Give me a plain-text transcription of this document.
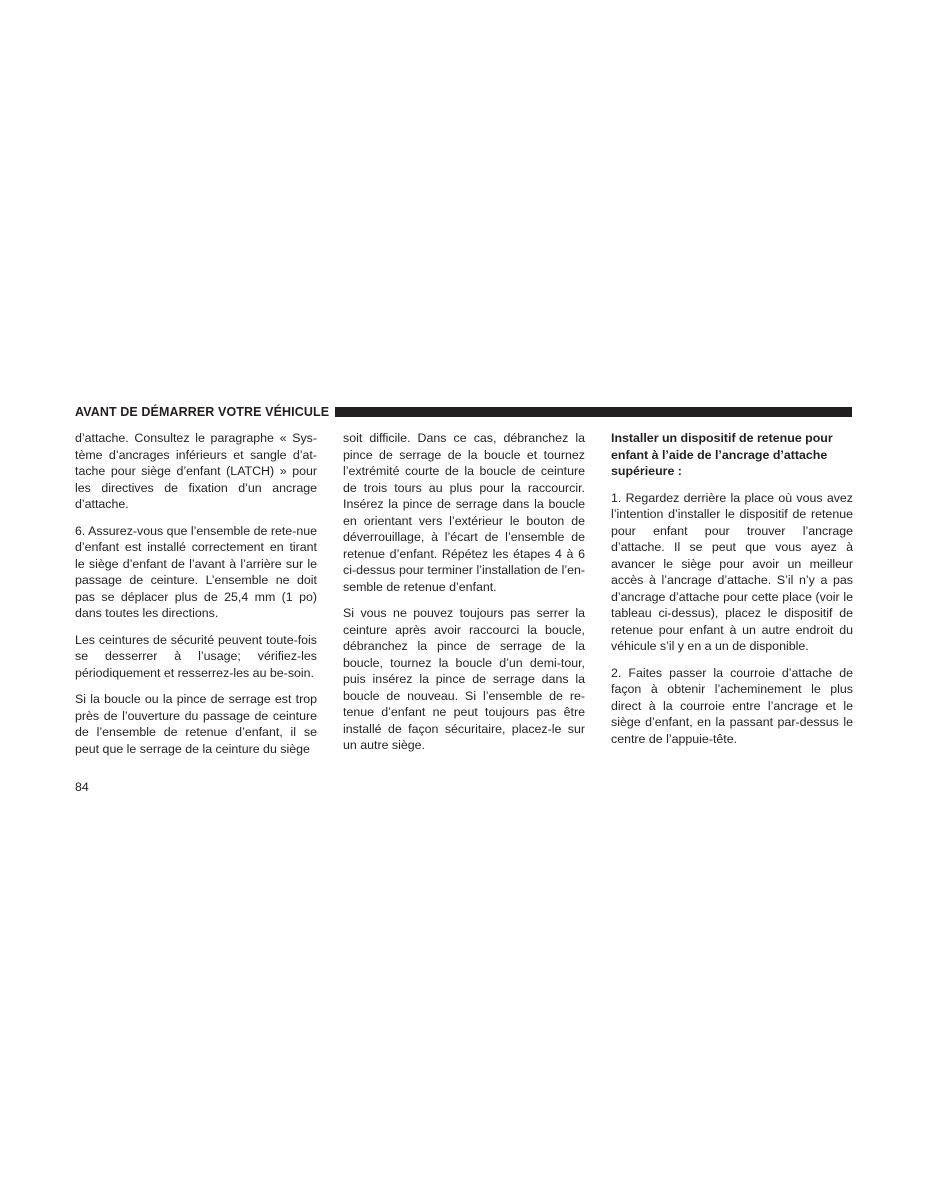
AVANT DE DÉMARRER VOTRE VÉHICULE

d’attache. Consultez le paragraphe « Sys-tème d’ancrages inférieurs et sangle d’at-tache pour siège d’enfant (LATCH) » pour les directives de fixation d’un ancrage d’attache.

6. Assurez-vous que l’ensemble de rete-nue d’enfant est installé correctement en tirant le siège d’enfant de l’avant à l’arrière sur le passage de ceinture. L’ensemble ne doit pas se déplacer plus de 25,4 mm (1 po) dans toutes les directions.

Les ceintures de sécurité peuvent toute-fois se desserrer à l’usage; vérifiez-les périodiquement et resserrez-les au be-soin.

Si la boucle ou la pince de serrage est trop près de l’ouverture du passage de ceinture de l’ensemble de retenue d’enfant, il se peut que le serrage de la ceinture du siège

soit difficile. Dans ce cas, débranchez la pince de serrage de la boucle et tournez l’extrémité courte de la boucle de ceinture de trois tours au plus pour la raccourcir. Insérez la pince de serrage dans la boucle en orientant vers l’extérieur le bouton de déverrouillage, à l’écart de l’ensemble de retenue d’enfant. Répétez les étapes 4 à 6 ci-dessus pour terminer l’installation de l’en-semble de retenue d’enfant.

Si vous ne pouvez toujours pas serrer la ceinture après avoir raccourci la boucle, débranchez la pince de serrage de la boucle, tournez la boucle d’un demi-tour, puis insérez la pince de serrage dans la boucle de nouveau. Si l’ensemble de re-tenue d’enfant ne peut toujours pas être installé de façon sécuritaire, placez-le sur un autre siège.

Installer un dispositif de retenue pour enfant à l’aide de l’ancrage d’attache supérieure :

1. Regardez derrière la place où vous avez l’intention d’installer le dispositif de retenue pour enfant pour trouver l’ancrage d’attache. Il se peut que vous ayez à avancer le siège pour avoir un meilleur accès à l’ancrage d’attache. S’il n’y a pas d’ancrage d’attache pour cette place (voir le tableau ci-dessus), placez le dispositif de retenue pour enfant à un autre endroit du véhicule s’il y en a un de disponible.

2. Faites passer la courroie d’attache de façon à obtenir l’acheminement le plus direct à la courroie entre l’ancrage et le siège d’enfant, en la passant par-dessus le centre de l’appuie-tête.

84
